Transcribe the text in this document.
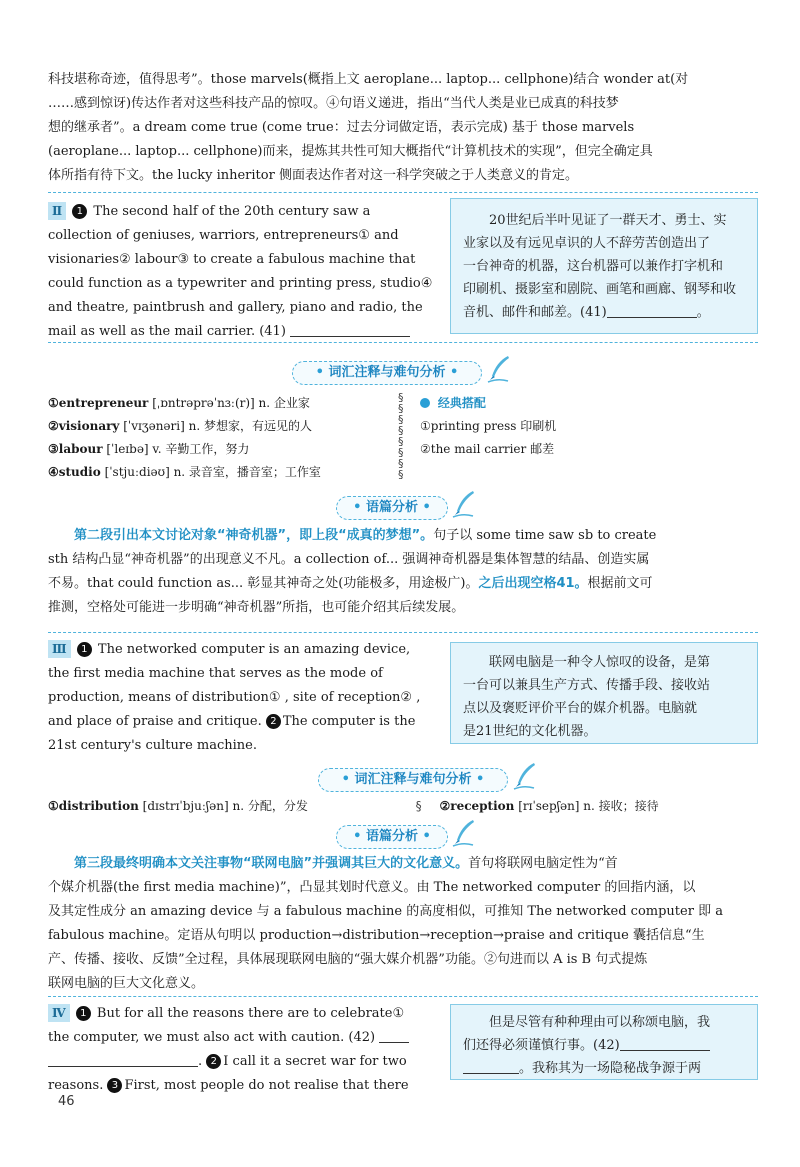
科技堪称奇迹，值得思考”。those marvels(概指上文 aeroplane... laptop... cellphone)结合 wonder at(对
……感到惊讶)传达作者对这些科技产品的惊叹。④句语义递进，指出“当代人类是业已成真的科技梦
想的继承者”。a dream come true (come true：过去分词做定语，表示完成) 基于 those marvels
(aeroplane... laptop... cellphone)而来，提炼其共性可知大概指代“计算机技术的实现”，但完全确定具
体所指有待下文。the lucky inheritor 侧面表达作者对这一科学突破之于人类意义的肯定。
Ⅱ 1 The second half of the 20th century saw a
collection of geniuses, warriors, entrepreneurs① and
visionaries② labour③ to create a fabulous machine that
could function as a typewriter and printing press, studio④
and theatre, paintbrush and gallery, piano and radio, the
mail as well as the mail carrier. (41)
20世纪后半叶见证了一群天才、勇士、实
业家以及有远见卓识的人不辞劳苦创造出了
一台神奇的机器，这台机器可以兼作打字机和
印刷机、摄影室和剧院、画笔和画廊、钢琴和收
音机、邮件和邮差。(41)	。
• 词汇注释与难句分析 •
①entrepreneur [ˌɒntrəprəˈnɜː(r)] n. 企业家
②visionary [ˈvɪʒənəri] n. 梦想家，有远见的人
③labour [ˈleɪbə] v. 辛勤工作，努力
④studio [ˈstjuːdiəʊ] n. 录音室，播音室；工作室
§
§
§
§
§
§
§
§
经典搭配
①printing press 印刷机
②the mail carrier 邮差
• 语篇分析 •
第二段引出本文讨论对象“神奇机器”，即上段“成真的梦想”。句子以 some time saw sb to create
sth 结构凸显“神奇机器”的出现意义不凡。a collection of... 强调神奇机器是集体智慧的结晶、创造实属
不易。that could function as... 彰显其神奇之处(功能极多，用途极广)。之后出现空格41。根据前文可
推测，空格处可能进一步明确“神奇机器”所指，也可能介绍其后续发展。
Ⅲ 1 The networked computer is an amazing device,
the first media machine that serves as the mode of
production, means of distribution① , site of reception② ,
and place of praise and critique. 2 The computer is the
21st century's culture machine.
联网电脑是一种令人惊叹的设备，是第
一台可以兼具生产方式、传播手段、接收站
点以及褒贬评价平台的媒介机器。电脑就
是21世纪的文化机器。
• 词汇注释与难句分析 •
①distribution [dɪstrɪˈbjuːʃən] n. 分配，分发	§ ②reception [rɪˈsepʃən] n. 接收；接待
• 语篇分析 •
第三段最终明确本文关注事物“联网电脑”并强调其巨大的文化意义。首句将联网电脑定性为“首
个媒介机器(the first media machine)”，凸显其划时代意义。由 The networked computer 的回指内涵，以
及其定性成分 an amazing device 与 a fabulous machine 的高度相似，可推知 The networked computer 即 a
fabulous machine。定语从句明以 production→distribution→reception→praise and critique 囊括信息“生
产、传播、接收、反馈”全过程，具体展现联网电脑的“强大媒介机器”功能。②句进而以 A is B 句式提炼
联网电脑的巨大文化意义。
Ⅳ 1 But for all the reasons there are to celebrate①
the computer, we must also act with caution. (42)
. 2 I call it a secret war for two
reasons. 3 First, most people do not realise that there
但是尽管有种种理由可以称颂电脑，我
们还得必须谨慎行事。(42)
。我称其为一场隐秘战争源于两
46
